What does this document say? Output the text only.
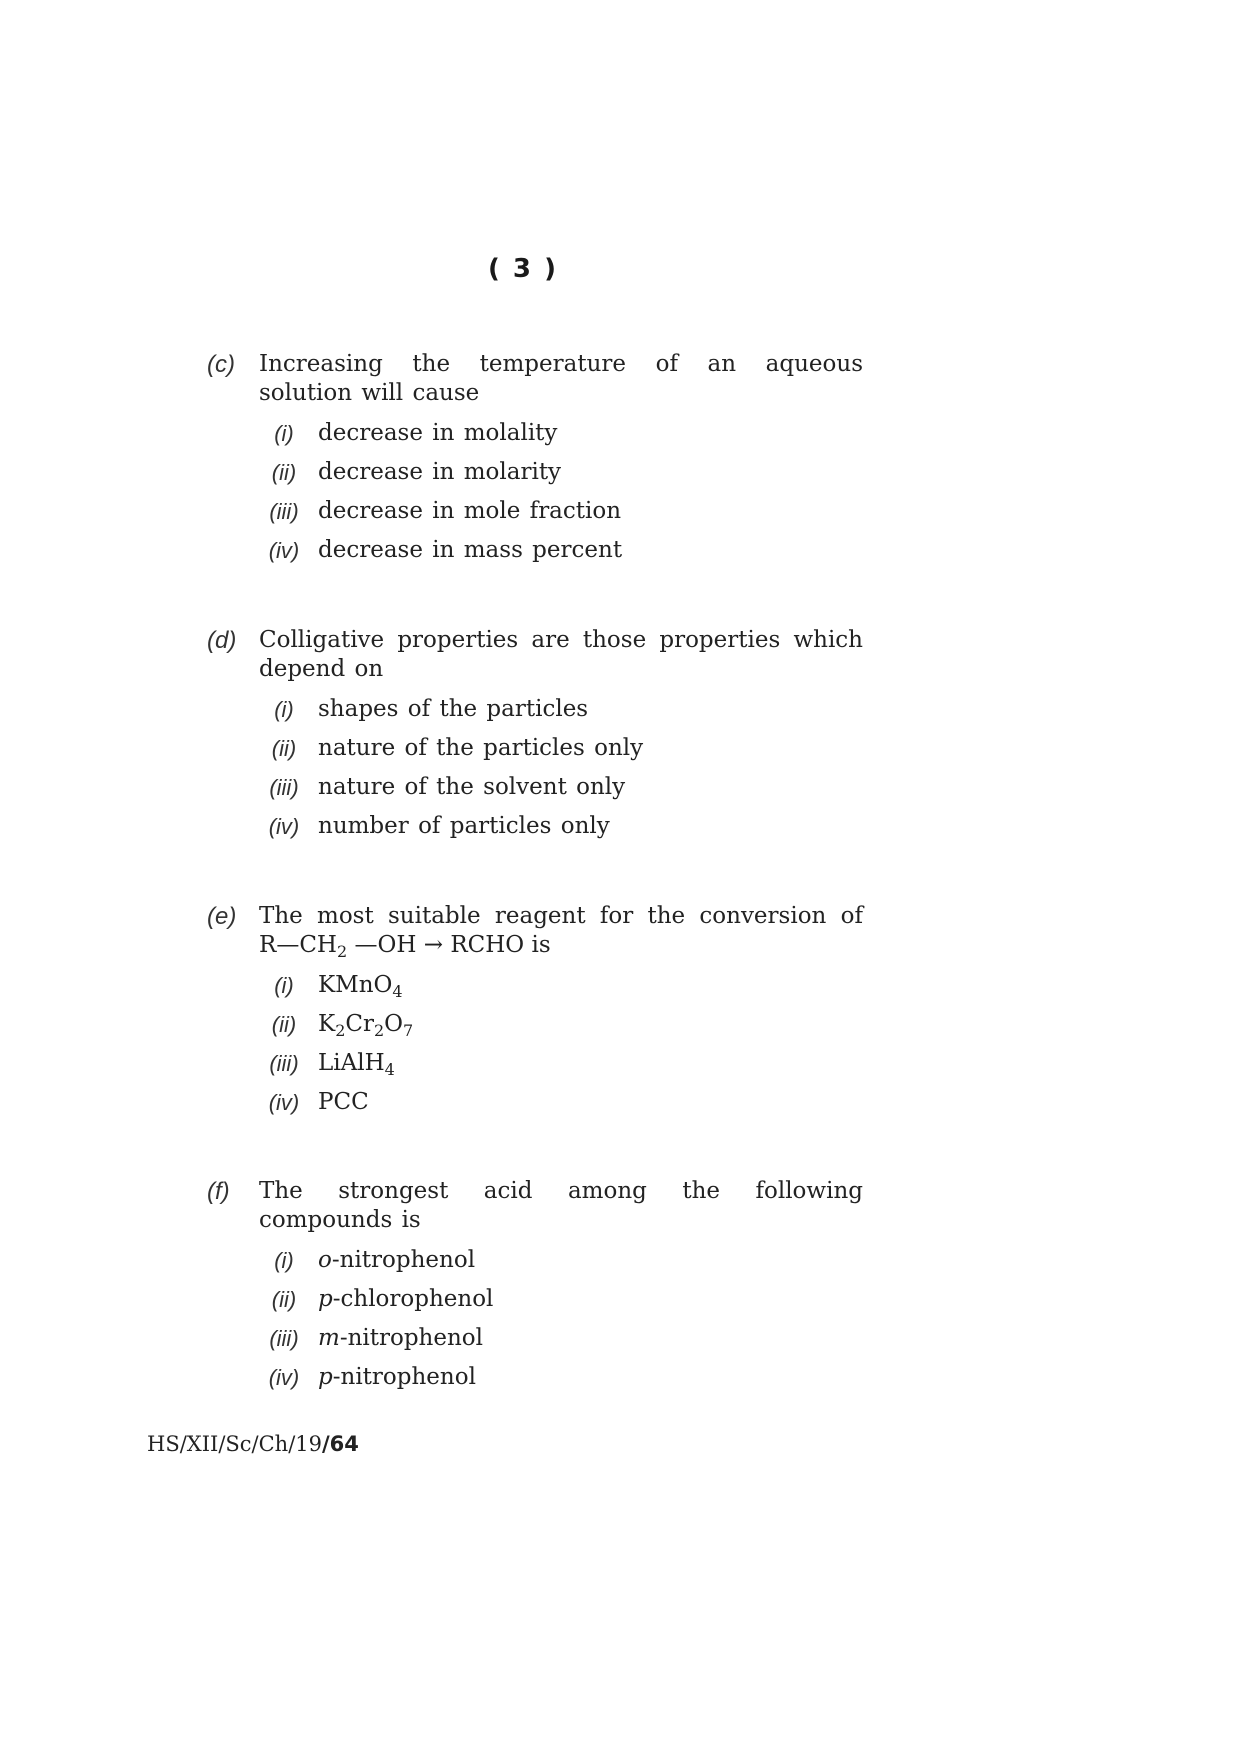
( 3 )
(c) Increasing the temperature of an aqueous
solution will cause
(i)	decrease in molality
(ii) decrease in molarity
(iii) decrease in mole fraction
(iv) decrease in mass percent
(d) Colligative properties are those properties which
depend on
(i)	shapes of the particles
(ii) nature of the particles only
(iii) nature of the solvent only
(iv) number of particles only
(e) The most suitable reagent for the conversion of
$R—CH_2$ —OH → RCHO is
(i)	KMnO$_4$
(ii) $K_2Cr_2O_7$
(iii) LiAlH$_4$
(iv) PCC
(f) The strongest acid among the following
compounds is
(i)	o-nitrophenol
(ii) p-chlorophenol
(iii) m-nitrophenol
(iv) p-nitrophenol
HS/XII/Sc/Ch/19/64
